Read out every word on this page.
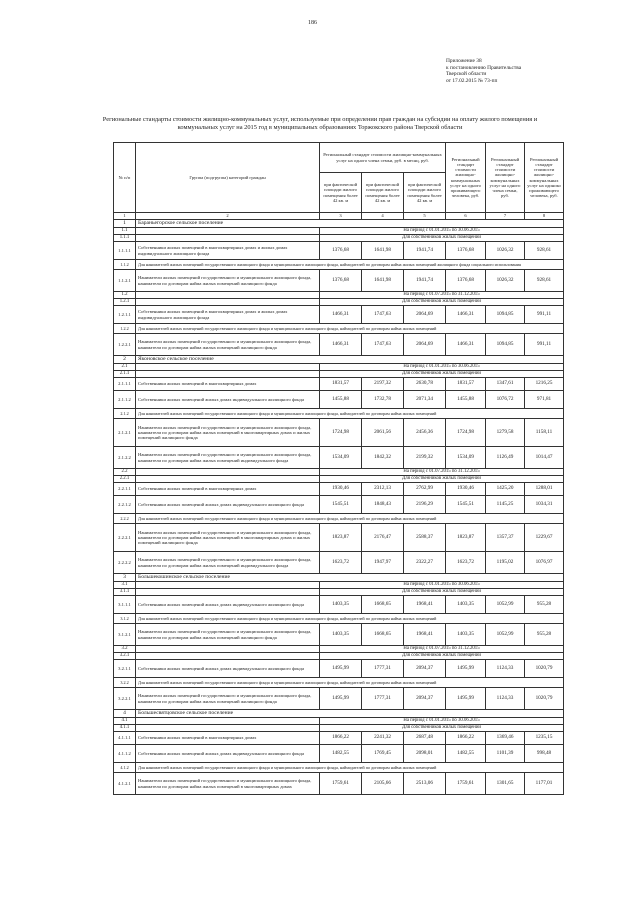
186
Приложение 38
к постановлению Правительства
Тверской области
от 17.02.2015 № 73-пп
Региональные стандарты стоимости жилищно-коммунальных услуг, используемые при определении прав граждан на субсидии на оплату жилого помещения и коммунальных услуг на 2015 год в муниципальных образованиях Торжокского района Тверской области
№ п/п	Группа (подгруппа) категорий граждан	Региональный стандарт стоимости жилищно-коммунальных услуг на одного члена семьи, руб. в месяц, руб.			Региональный стандарт стоимости жилищно-коммунальных услуг на одного проживающего человека, руб.	Региональный стандарт стоимости жилищно-коммунальных услуг на одного члена семьи, руб.	Региональный стандарт стоимости жилищно-коммунальных услуг на одиноко проживающего человека, руб.
		при фактической площади жилого помещения более 42 кв. м	при фактической площади жилого помещения более 42 кв. м	при фактической площади жилого помещения более 42 кв. м			
1	2	3	4	5	6	7	8
1	Бараньегорское сельское поселение						
1.1		На период с 01.01.2015 по 30.06.2015					
1.1.1		Для собственников жилых помещений					
1.1.1.1	Собственники жилых помещений в многоквартирных домах и жилых домах индивидуального жилищного фонда	1376,68	1641,98	1941,74	1376,68	1026,32	928,61
1.1.2	Для нанимателей жилых помещений государственного жилищного фонда и муниципального жилищного фонда, наймодателей по договорам найма жилых помещений жилищного фонда социального использования						
1.1.2.1	Наниматели жилых помещений государственного и муниципального жилищного фонда, наниматели по договорам найма жилых помещений жилищного фонда	1376,68	1641,98	1941,74	1376,68	1026,32	928,61
1.2		На период с 01.07.2015 по 31.12.2015					
1.2.1		Для собственников жилых помещений					
1.2.1.1	Собственники жилых помещений в многоквартирных домах и жилых домах индивидуального жилищного фонда	1466,31	1747,63	2064,69	1466,31	1094,85	991,11
1.2.2	Для нанимателей жилых помещений государственного жилищного фонда и муниципального жилищного фонда, наймодателей по договорам найма жилых помещений						
1.2.2.1	Наниматели жилых помещений государственного и муниципального жилищного фонда, наниматели по договорам найма жилых помещений жилищного фонда	1466,31	1747,63	2064,69	1466,31	1094,85	991,11
2	Яконовское сельское поселение						
2.1		На период с 01.01.2015 по 30.06.2015					
2.1.1		Для собственников жилых помещений					
2.1.1.1	Собственники жилых помещений в многоквартирных домах	1831,57	2197,32	2630,78	1831,57	1347,61	1216,25
2.1.1.2	Собственники жилых помещений жилых домах индивидуального жилищного фонда	1455,88	1732,78	2071,34	1455,88	1076,72	971,81
2.1.2	Для нанимателей жилых помещений государственного жилищного фонда и муниципального жилищного фонда, наймодателей по договорам найма жилых помещений						
2.1.2.1	Наниматели жилых помещений государственного и муниципального жилищного фонда, наниматели по договорам найма жилых помещений в многоквартирных домах и жилых помещений жилищного фонда	1724,98	2061,56	2456,36	1724,98	1279,58	1158,11
2.1.2.2	Наниматели жилых помещений государственного и муниципального жилищного фонда, наниматели по договорам найма жилых помещений индивидуального фонда	1534,09	1842,32	2199,32	1534,09	1126,49	1014,47
2.2		На период с 01.07.2015 по 31.12.2015					
2.2.1		Для собственников жилых помещений					
2.2.1.1	Собственники жилых помещений в многоквартирных домах	1930,46	2312,13	2762,99	1930,46	1425,20	1288,01
2.2.1.2	Собственники жилых помещений жилых домах индивидуального жилищного фонда	1545,51	1848,43	2196,29	1545,51	1145,25	1034,31
2.2.2	Для нанимателей жилых помещений государственного жилищного фонда и муниципального жилищного фонда, наймодателей по договорам найма жилых помещений						
2.2.2.1	Наниматели жилых помещений государственного и муниципального жилищного фонда, наниматели по договорам найма жилых помещений в многоквартирных домах и жилых помещений жилищного фонда	1823,87	2176,47	2588,37	1823,87	1357,37	1229,67
2.2.2.2	Наниматели жилых помещений государственного и муниципального жилищного фонда, наниматели по договорам найма жилых помещений индивидуального фонда	1623,72	1947,97	2322,27	1623,72	1195,02	1076,97
3	Большекошинское сельское поселение						
3.1		На период с 01.01.2015 по 30.06.2015					
3.1.1		Для собственников жилых помещений					
3.1.1.1	Собственники жилых помещений жилых домах индивидуального жилищного фонда	1403,35	1668,65	1968,41	1403,35	1052,99	955,28
3.1.2	Для нанимателей жилых помещений государственного жилищного фонда и муниципального жилищного фонда, наймодателей по договорам найма жилых помещений						
3.1.2.1	Наниматели жилых помещений государственного и муниципального жилищного фонда, наниматели по договорам найма жилых помещений жилищного фонда	1403,35	1668,65	1968,41	1403,35	1052,99	955,28
3.2		На период с 01.07.2015 по 31.12.2015					
3.2.1		Для собственников жилых помещений					
3.2.1.1	Собственники жилых помещений жилых домах индивидуального жилищного фонда	1495,99	1777,31	2094,37	1495,99	1124,33	1020,79
3.2.2	Для нанимателей жилых помещений государственного жилищного фонда и муниципального жилищного фонда, наймодателей по договорам найма жилых помещений						
3.2.2.1	Наниматели жилых помещений государственного и муниципального жилищного фонда, наниматели по договорам найма жилых помещений жилищного фонда	1495,99	1777,31	2094,37	1495,99	1124,33	1020,79
4	Большесвятцовское сельское поселение						
4.1		На период с 01.01.2015 по 30.06.2015					
4.1.1		Для собственников жилых помещений					
4.1.1.1	Собственники жилых помещений в многоквартирных домах	1866,22	2241,32	2687,48	1866,22	1369,46	1235,15
4.1.1.2	Собственники жилых помещений жилых домах индивидуального жилищного фонда	1482,55	1769,45	2098,01	1482,55	1101,39	998,48
4.1.2	Для нанимателей жилых помещений государственного жилищного фонда и муниципального жилищного фонда, наймодателей по договорам найма жилых помещений						
4.1.2.1	Наниматели жилых помещений государственного и муниципального жилищного фонда, наниматели по договорам найма жилых помещений в многоквартирных домах	1759,61	2105,66	2513,06	1759,61	1301,65	1177,01
